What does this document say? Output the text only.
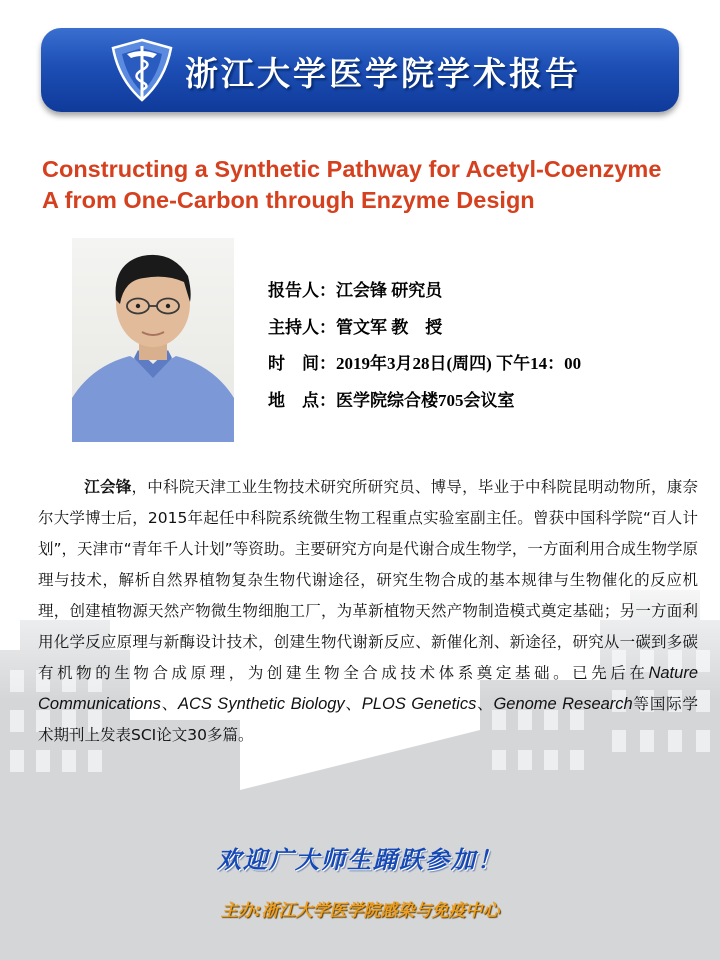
浙江大学医学院学术报告
Constructing a Synthetic Pathway for Acetyl-Coenzyme
A from One-Carbon through Enzyme Design
报告人：江会锋 研究员
主持人：管文军 教　授
时　间：2019年3月28日(周四) 下午14：00
地　点：医学院综合楼705会议室
江会锋，中科院天津工业生物技术研究所研究员、博导，毕业于中科院昆明动物所，康奈尔大学博士后，2015年起任中科院系统微生物工程重点实验室副主任。曾获中国科学院“百人计划”，天津市“青年千人计划”等资助。主要研究方向是代谢合成生物学，一方面利用合成生物学原理与技术，解析自然界植物复杂生物代谢途径，研究生物合成的基本规律与生物催化的反应机理，创建植物源天然产物微生物细胞工厂，为革新植物天然产物制造模式奠定基础；另一方面利用化学反应原理与新酶设计技术，创建生物代谢新反应、新催化剂、新途径，研究从一碳到多碳有机物的生物合成原理，为创建生物全合成技术体系奠定基础。已先后在Nature Communications、ACS Synthetic Biology、PLOS Genetics、Genome Research等国际学术期刊上发表SCI论文30多篇。
欢迎广大师生踊跃参加！
主办:浙江大学医学院感染与免疫中心
